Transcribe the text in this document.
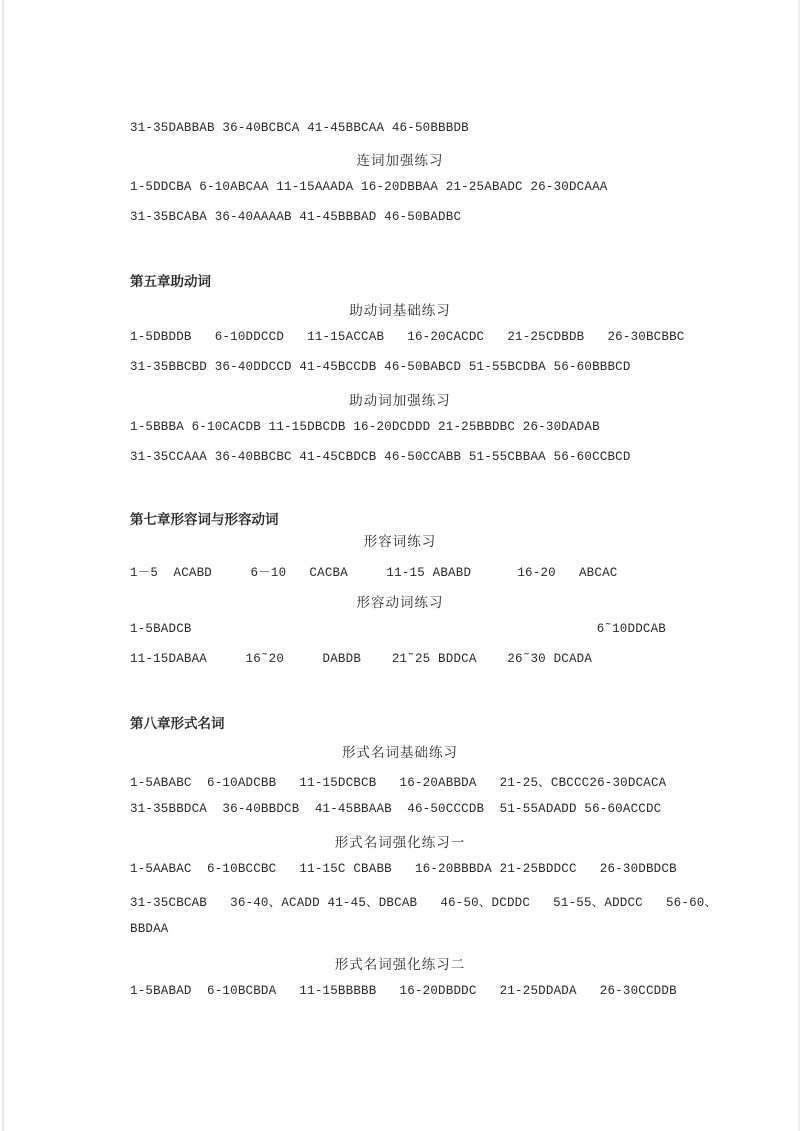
31-35DABBAB 36-40BCBCA 41-45BBCAA 46-50BBBDB
连词加强练习
1-5DDCBA 6-10ABCAA 11-15AAADA 16-20DBBAA 21-25ABADC 26-30DCAAA
31-35BCABA 36-40AAAAB 41-45BBBAD 46-50BADBC
第五章助动词
助动词基础练习
1-5DBDDB   6-10DDCCD   11-15ACCAB   16-20CACDC   21-25CDBDB   26-30BCBBC
31-35BBCBD 36-40DDCCD 41-45BCCDB 46-50BABCD 51-55BCDBA 56-60BBBCD
助动词加强练习
1-5BBBA 6-10CACDB 11-15DBCDB 16-20DCDDD 21-25BBDBC 26-30DADAB
31-35CCAAA 36-40BBCBC 41-45CBDCB 46-50CCABB 51-55CBBAA 56-60CCBCD
第七章形容词与形容动词
形容词练习
1－5  ACABD     6－10   CACBA     11-15 ABABD      16-20   ABCAC
形容动词练习
1-5BADCB	6˜10DDCAB
11-15DABAA     16˜20     DABDB    21˜25 BDDCA    26˜30 DCADA
第八章形式名词
形式名词基础练习
1-5ABABC  6-10ADCBB   11-15DCBCB   16-20ABBDA   21-25、CBCCC26-30DCACA
31-35BBDCA  36-40BBDCB  41-45BBAAB  46-50CCCDB  51-55ADADD 56-60ACCDC
形式名词强化练习一
1-5AABAC  6-10BCCBC   11-15C CBABB   16-20BBBDA 21-25BDDCC   26-30DBDCB
31-35CBCAB   36-40、ACADD 41-45、DBCAB   46-50、DCDDC   51-55、ADDCC   56-60、
BBDAA
形式名词强化练习二
1-5BABAD  6-10BCBDA   11-15BBBBB   16-20DBDDC   21-25DDADA   26-30CCDDB
